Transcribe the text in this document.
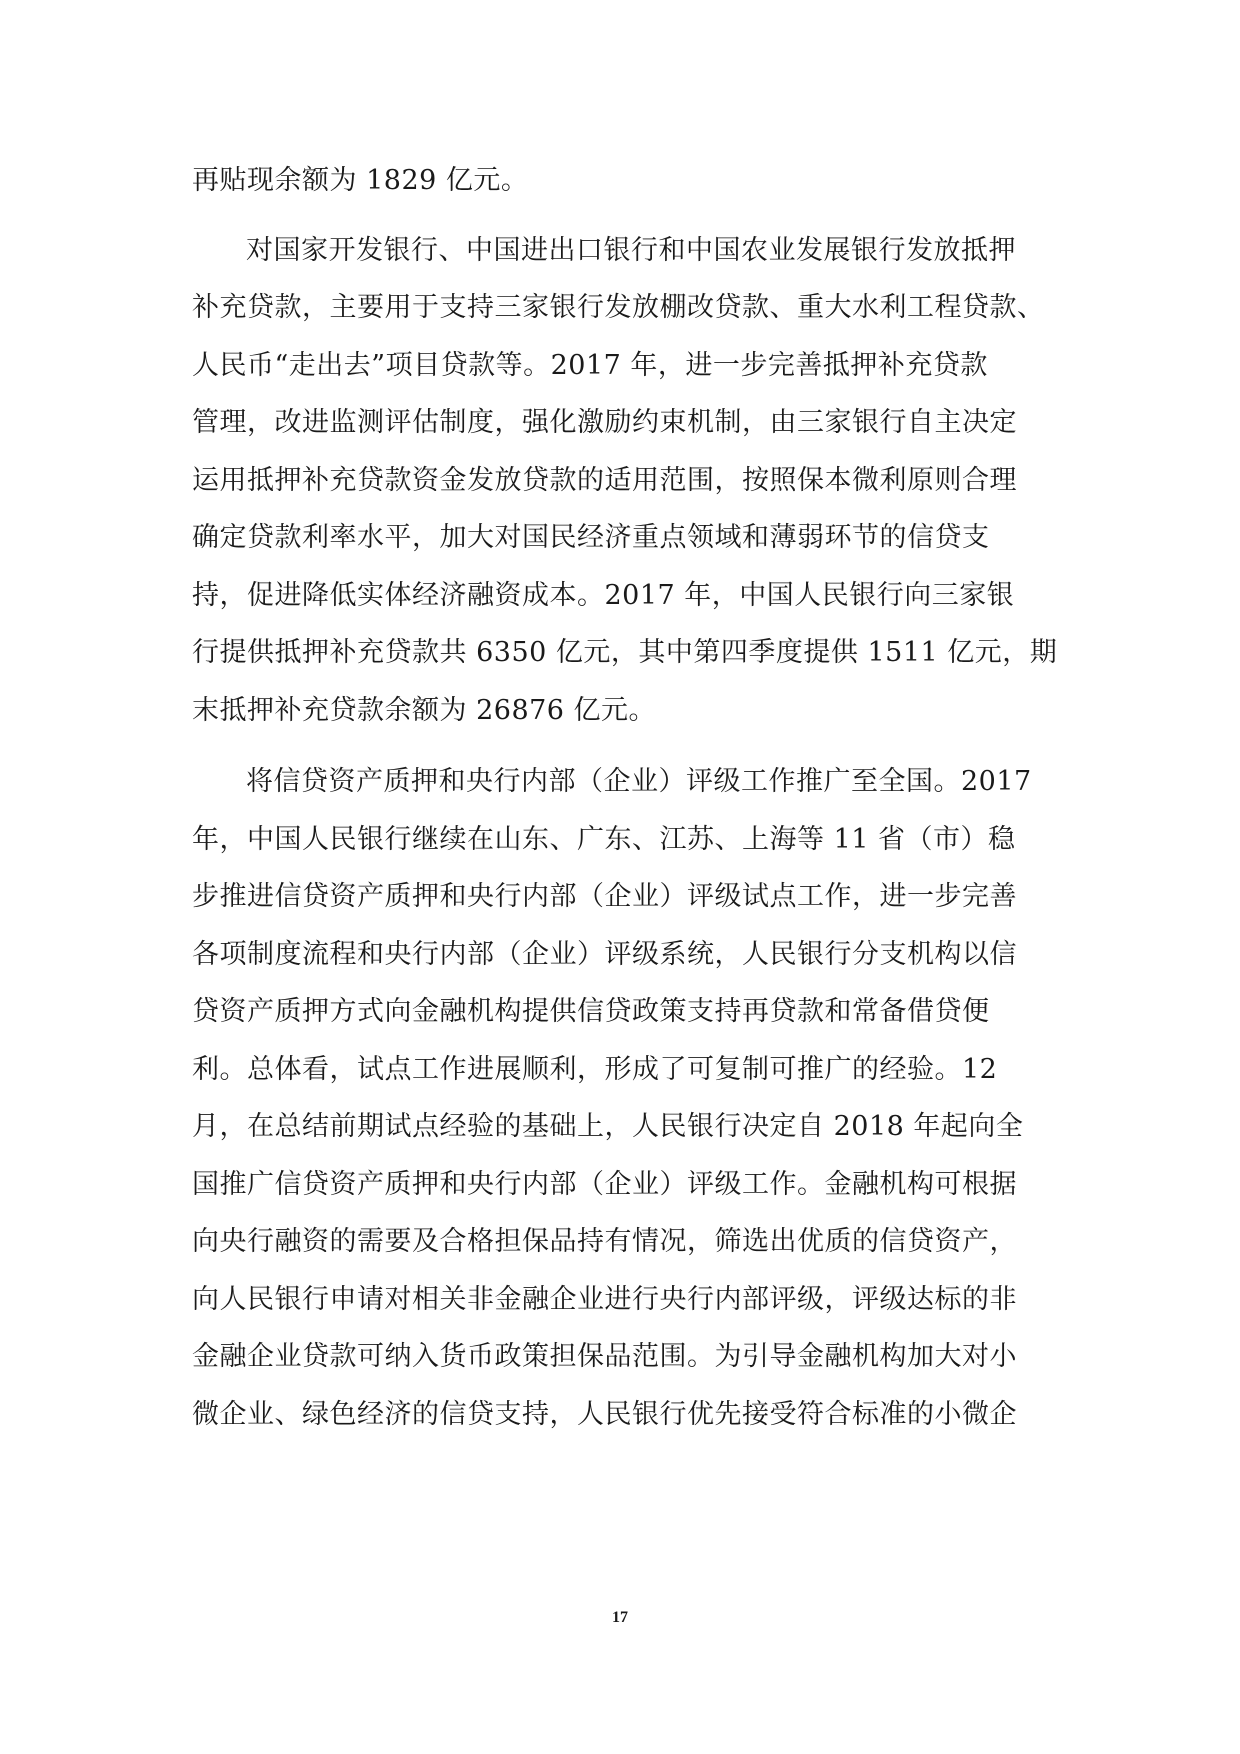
再贴现余额为 1829 亿元。
对国家开发银行、中国进出口银行和中国农业发展银行发放抵押
补充贷款，主要用于支持三家银行发放棚改贷款、重大水利工程贷款、
人民币“走出去”项目贷款等。2017 年，进一步完善抵押补充贷款
管理，改进监测评估制度，强化激励约束机制，由三家银行自主决定
运用抵押补充贷款资金发放贷款的适用范围，按照保本微利原则合理
确定贷款利率水平，加大对国民经济重点领域和薄弱环节的信贷支
持，促进降低实体经济融资成本。2017 年，中国人民银行向三家银
行提供抵押补充贷款共 6350 亿元，其中第四季度提供 1511 亿元，期
末抵押补充贷款余额为 26876 亿元。
将信贷资产质押和央行内部（企业）评级工作推广至全国。2017
年，中国人民银行继续在山东、广东、江苏、上海等 11 省（市）稳
步推进信贷资产质押和央行内部（企业）评级试点工作，进一步完善
各项制度流程和央行内部（企业）评级系统，人民银行分支机构以信
贷资产质押方式向金融机构提供信贷政策支持再贷款和常备借贷便
利。总体看，试点工作进展顺利，形成了可复制可推广的经验。12
月，在总结前期试点经验的基础上，人民银行决定自 2018 年起向全
国推广信贷资产质押和央行内部（企业）评级工作。金融机构可根据
向央行融资的需要及合格担保品持有情况，筛选出优质的信贷资产，
向人民银行申请对相关非金融企业进行央行内部评级，评级达标的非
金融企业贷款可纳入货币政策担保品范围。为引导金融机构加大对小
微企业、绿色经济的信贷支持，人民银行优先接受符合标准的小微企
17
